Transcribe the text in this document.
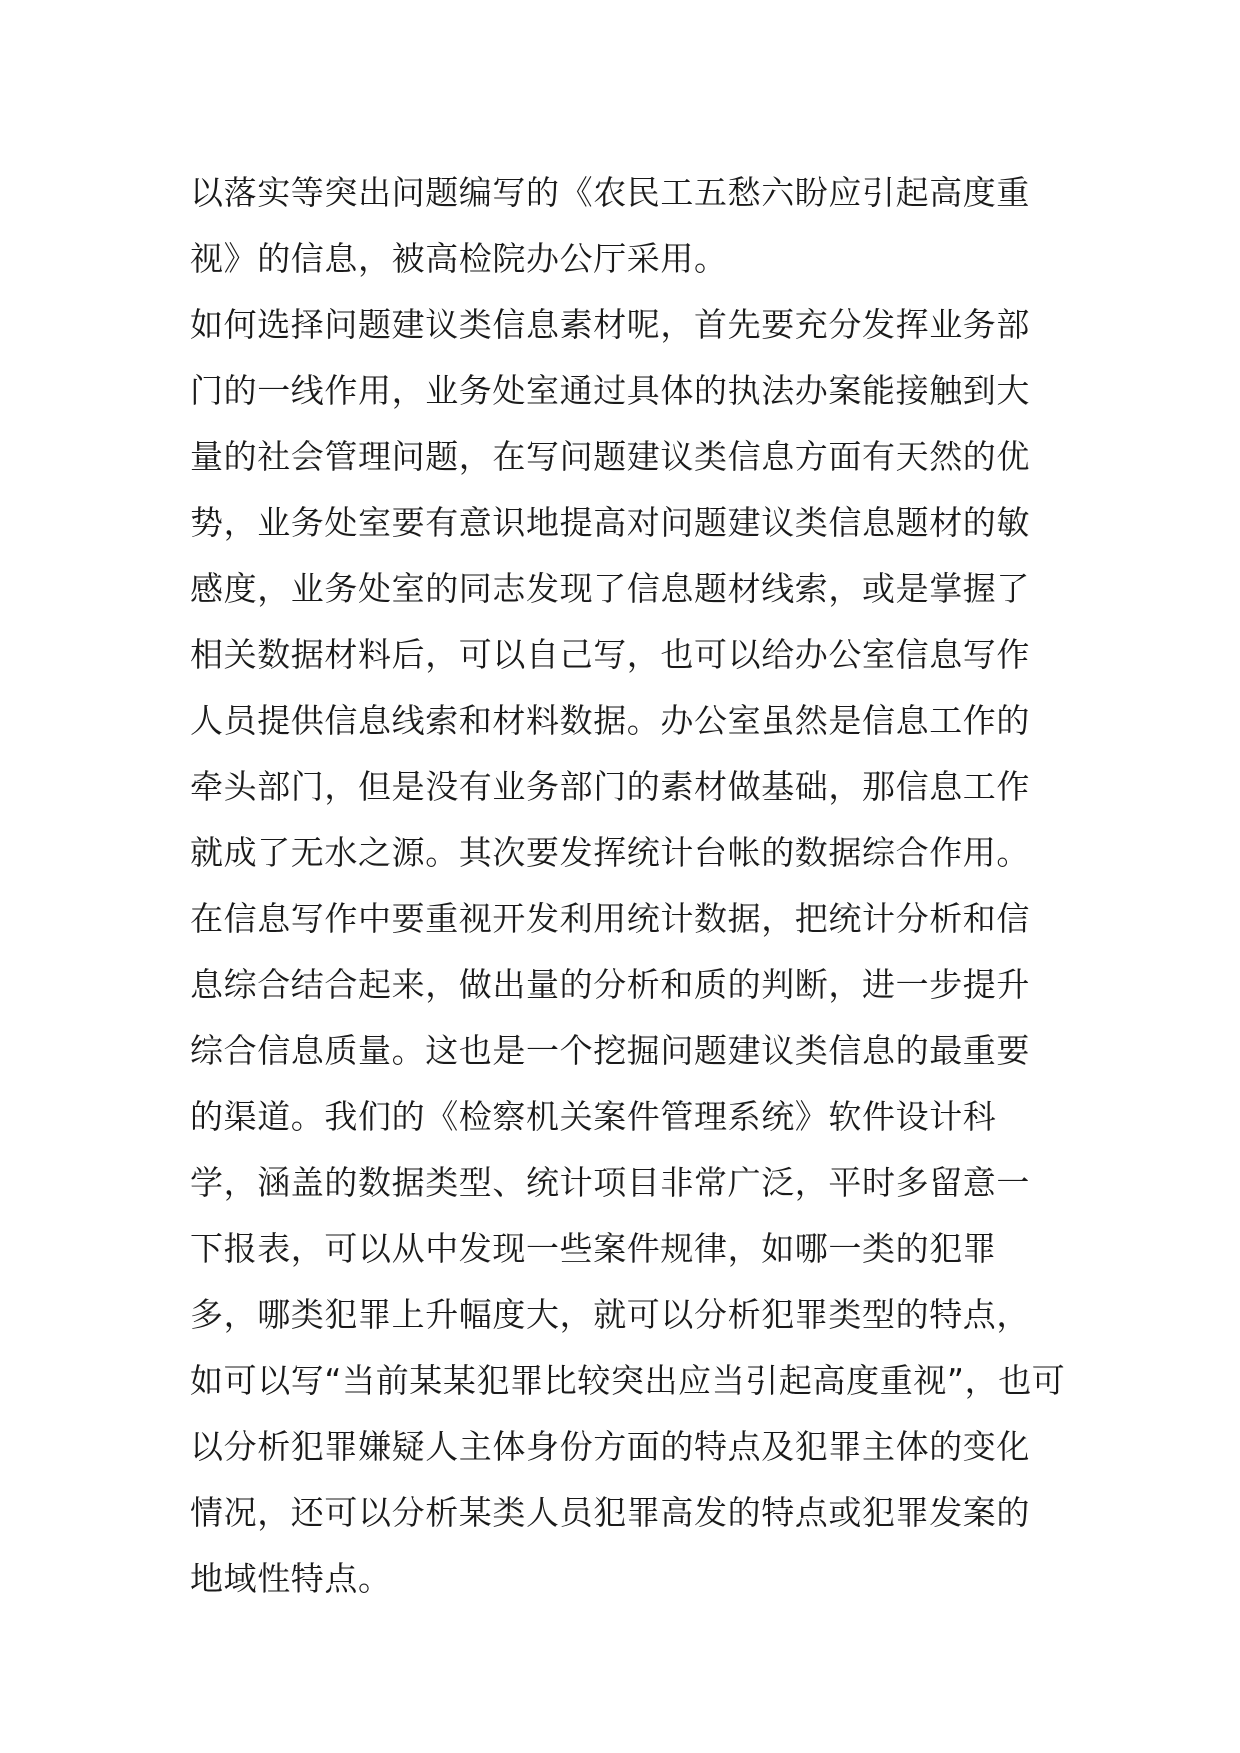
以落实等突出问题编写的《农民工五愁六盼应引起高度重
视》的信息，被高检院办公厅采用。
如何选择问题建议类信息素材呢，首先要充分发挥业务部
门的一线作用，业务处室通过具体的执法办案能接触到大
量的社会管理问题，在写问题建议类信息方面有天然的优
势，业务处室要有意识地提高对问题建议类信息题材的敏
感度，业务处室的同志发现了信息题材线索，或是掌握了
相关数据材料后，可以自己写，也可以给办公室信息写作
人员提供信息线索和材料数据。办公室虽然是信息工作的
牵头部门，但是没有业务部门的素材做基础，那信息工作
就成了无水之源。其次要发挥统计台帐的数据综合作用。
在信息写作中要重视开发利用统计数据，把统计分析和信
息综合结合起来，做出量的分析和质的判断，进一步提升
综合信息质量。这也是一个挖掘问题建议类信息的最重要
的渠道。我们的《检察机关案件管理系统》软件设计科
学，涵盖的数据类型、统计项目非常广泛，平时多留意一
下报表，可以从中发现一些案件规律，如哪一类的犯罪
多，哪类犯罪上升幅度大，就可以分析犯罪类型的特点，
如可以写“当前某某犯罪比较突出应当引起高度重视”，也可
以分析犯罪嫌疑人主体身份方面的特点及犯罪主体的变化
情况，还可以分析某类人员犯罪高发的特点或犯罪发案的
地域性特点。
